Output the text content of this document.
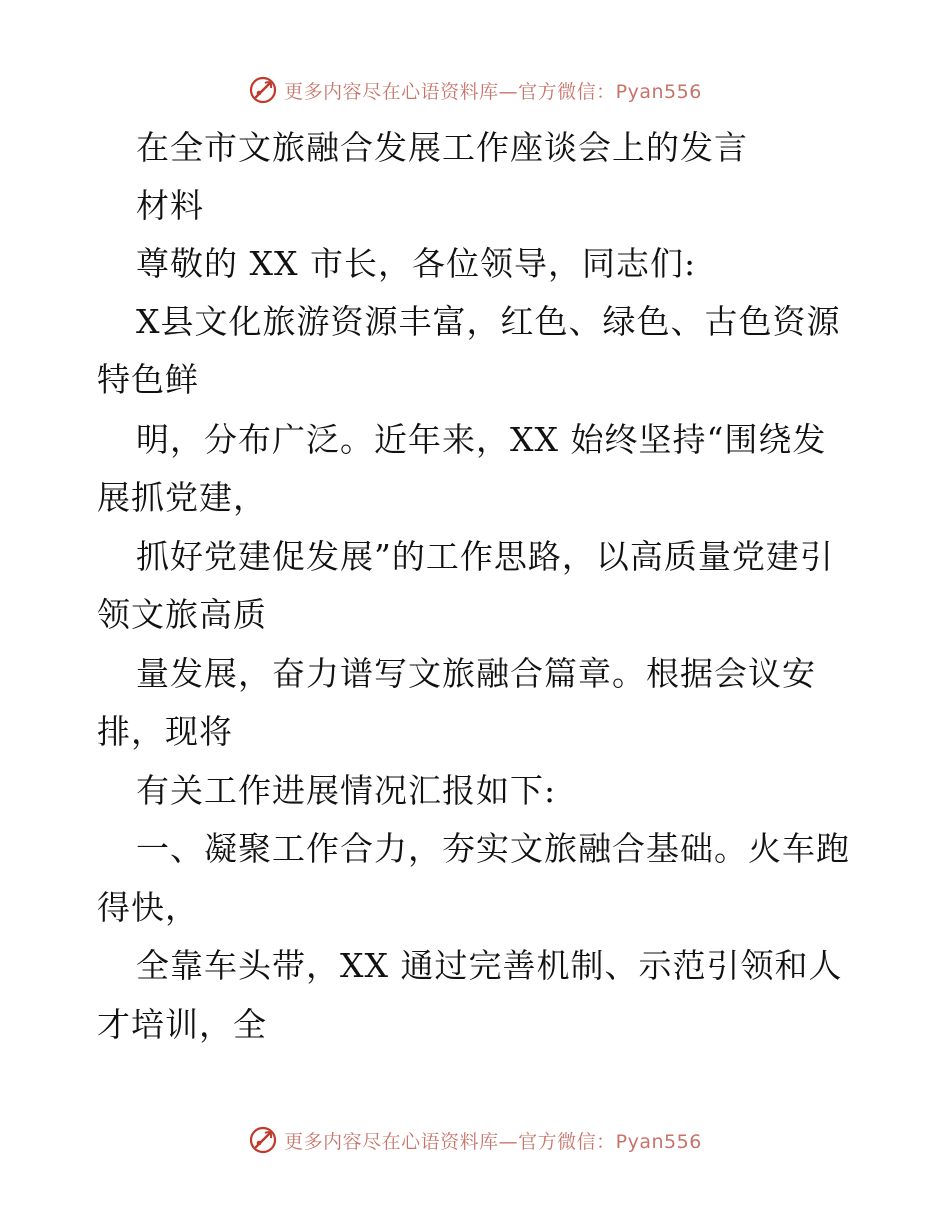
更多内容尽在心语资料库—官方微信：Pyan556
在全市文旅融合发展工作座谈会上的发言
材料
尊敬的 XX 市长，各位领导，同志们:
X县文化旅游资源丰富，红色、绿色、古色资源
特色鲜
明，分布广泛。近年来，XX 始终坚持“围绕发
展抓党建，
抓好党建促发展”的工作思路，以高质量党建引
领文旅高质
量发展，奋力谱写文旅融合篇章。根据会议安
排，现将
有关工作进展情况汇报如下:
一、凝聚工作合力，夯实文旅融合基础。火车跑
得快，
全靠车头带，XX 通过完善机制、示范引领和人
才培训，全
更多内容尽在心语资料库—官方微信：Pyan556
